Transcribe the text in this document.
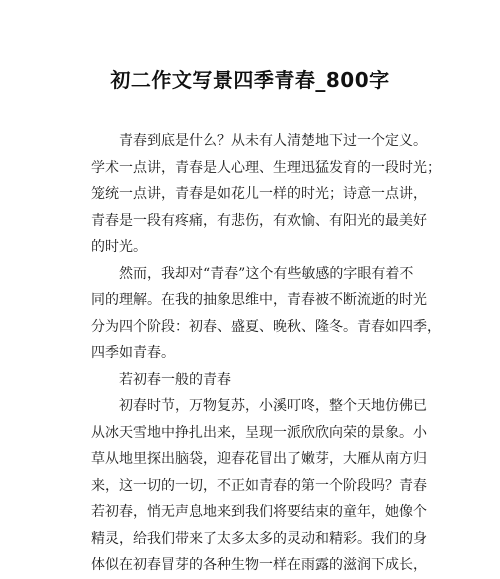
初二作文写景四季青春_800字
青春到底是什么？从未有人清楚地下过一个定义。
学术一点讲，青春是人心理、生理迅猛发育的一段时光；
笼统一点讲，青春是如花儿一样的时光；诗意一点讲，
青春是一段有疼痛，有悲伤，有欢愉、有阳光的最美好
的时光。
然而，我却对“青春”这个有些敏感的字眼有着不
同的理解。在我的抽象思维中，青春被不断流逝的时光
分为四个阶段：初春、盛夏、晚秋、隆冬。青春如四季，
四季如青春。
若初春一般的青春
初春时节，万物复苏，小溪叮咚，整个天地仿佛已
从冰天雪地中挣扎出来，呈现一派欣欣向荣的景象。小
草从地里探出脑袋，迎春花冒出了嫩芽，大雁从南方归
来，这一切的一切，不正如青春的第一个阶段吗？青春
若初春，悄无声息地来到我们将要结束的童年，她像个
精灵，给我们带来了太多太多的灵动和精彩。我们的身
体似在初春冒芽的各种生物一样在雨露的滋润下成长，
